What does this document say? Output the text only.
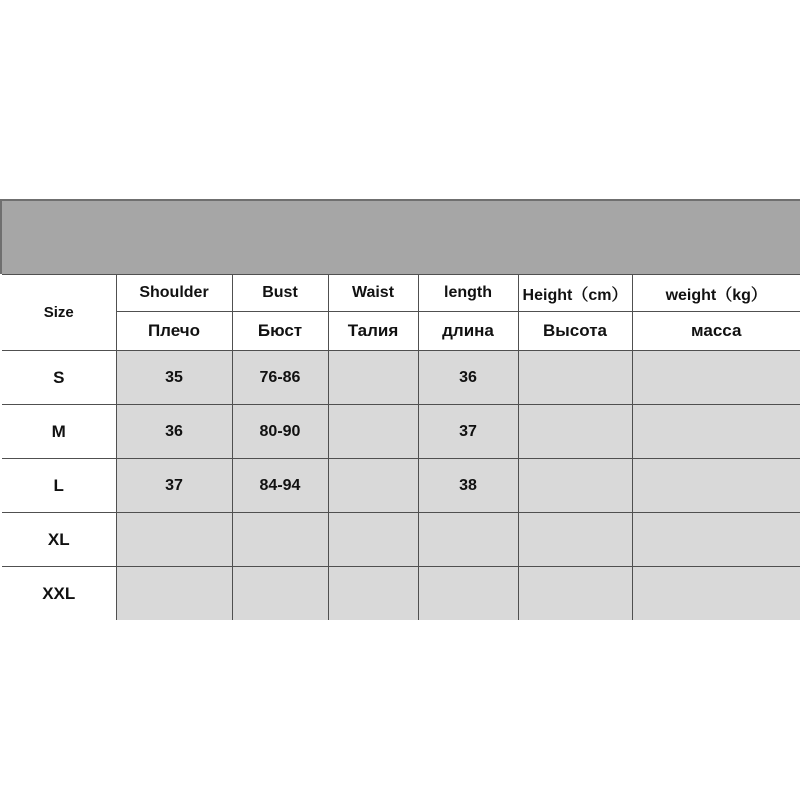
Size	Shoulder	Bust	Waist	length	Height（cm）	weight（kg）
	Плечо	Бюст	Талия	длина	Высота	масса
S	35	76-86		36		
M	36	80-90		37		
L	37	84-94		38		
XL						
XXL						
